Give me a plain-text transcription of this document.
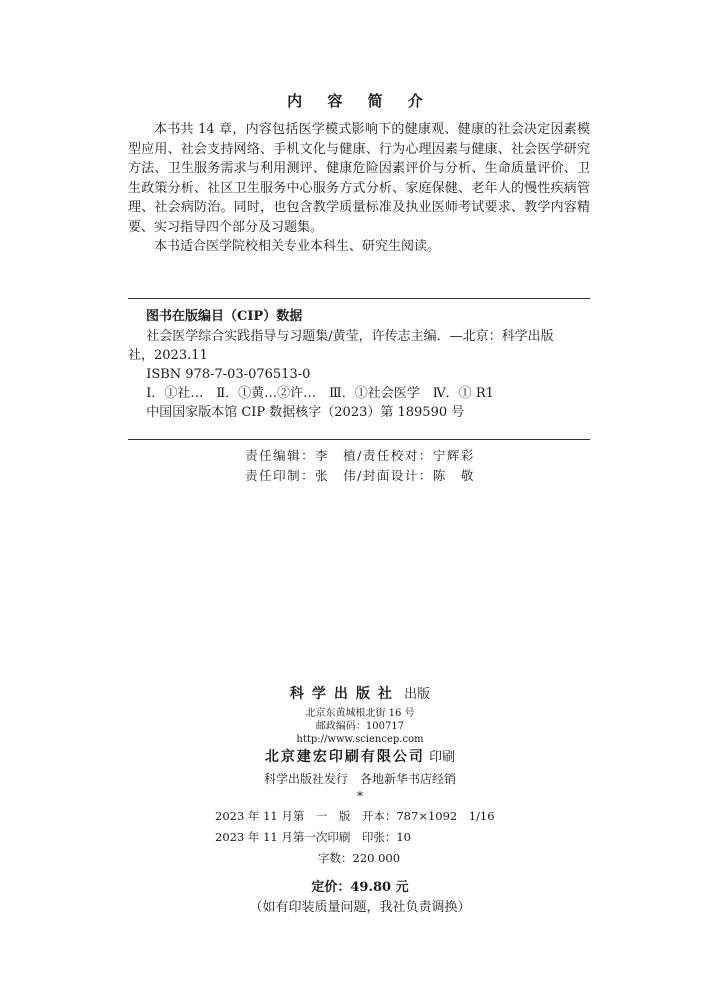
内 容 简 介

本书共 14 章，内容包括医学模式影响下的健康观、健康的社会决定因素模型应用、社会支持网络、手机文化与健康、行为心理因素与健康、社会医学研究方法、卫生服务需求与利用测评、健康危险因素评价与分析、生命质量评价、卫生政策分析、社区卫生服务中心服务方式分析、家庭保健、老年人的慢性疾病管理、社会病防治。同时，也包含教学质量标准及执业医师考试要求、教学内容精要、实习指导四个部分及习题集。

本书适合医学院校相关专业本科生、研究生阅读。

图书在版编目（CIP）数据
社会医学综合实践指导与习题集/黄莹，许传志主编．—北京：科学出版
社，2023.11
ISBN 978-7-03-076513-0
Ⅰ．①社…　Ⅱ．①黄…②许…　Ⅲ．①社会医学　Ⅳ．① R1
中国国家版本馆 CIP 数据核字（2023）第 189590 号
责任编辑：李　植/责任校对：宁辉彩
责任印制：张　伟/封面设计：陈　敬
科学出版社 出版
北京东黄城根北街 16 号
邮政编码：100717
http://www.sciencep.com
北京建宏印刷有限公司 印刷
科学出版社发行　各地新华书店经销
*
2023 年 11 月第　一　版　开本：787×1092　1/16
2023 年 11 月第一次印刷　印张：10
字数：220 000
定价：49.80 元
（如有印装质量问题，我社负责调换）
